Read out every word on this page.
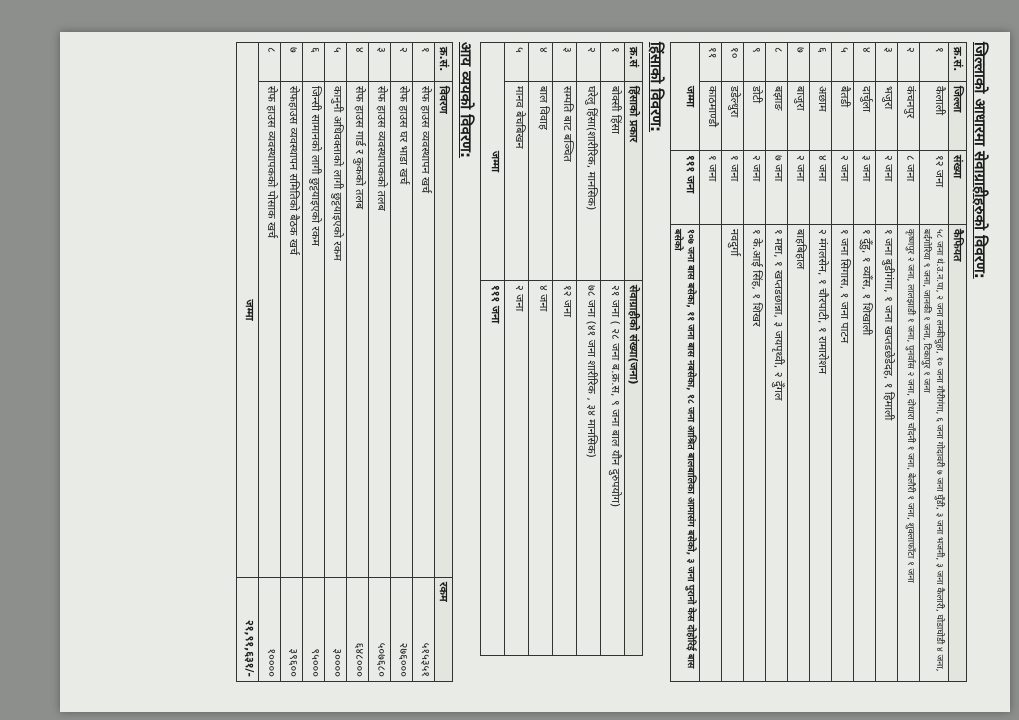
जिल्लाको आधारमा सेवाग्राहीहरुको विवरण:
क्र.सं.	जिल्ला	संख्या	कैफियत
१	कैलाली	१२ जना	५८ जना धं.उ.न.पा, २ जना लम्कीचुहा, १० जना गौरीगंगा, ६ जना गोदावरी ७ जना घुँडी, ३ जना भजनी, ३ जना कैलारी, घोडाघोडी ४ जना, बर्दगोरिया ९ जना, जानकी १ जना, टिकापुर १ जना
२	कंचनपुर	८ जना	कृष्णपुर २ जना, लालझाडी १ जना, पुनर्वास २ जना, दोधारा चाँदनी १ जना, बेलौरी १ जना, शुक्लाफाँटा १ जना
३	भजुरा	२ जना	१ जना बुडीगंगा, १ जना खप्तडछेडेदह, १ हिमाली
४	दार्चुला	३ जना	१ दुँहु, १ व्याँस, १ शिखाली
५	बैतडी	२ जना	१ जना सिगास, १ जना पाटन
६	अछाम	४ जना	२ मंगलसेन, १ चौरपाटी, १ रामारोशन
७	बाजुरा	२ जना	बाहबिहाल
८	बझाङ	७ जना	१ मष्टा, १ खप्तडछान्ना, ३ जयपृथ्वी, २ दुँगल
९	डोटी	२ जना	१ के.आई सिंह, १ शिखर
१०	डडेल्धुरा	१ जना	नवदुर्गा
११	काठमाण्डौ	१ जना	
जम्मा		१११ जना	१०७ जना बास बसेका, ११ जना बास नबसेका, १८ जना आश्रित बालबालिका आमासंग बसेको, ३ जना पुरानो केस दोहोरिई बास बसेको
हिंसाको विवरण:
क्र.सं	हिंसाको प्रकार	सेवाग्राहीको संख्या(जना)
१	बोक्सी हिंसा	२१ जना ( २८ जना ब.क्र.स, ९ जना बाल यौन दुरुपयोग)
२	घरेलु हिंसा(शारीरिक, मानसिक)	७८ जना (४१ जना शारीरिक , ३४ मानसिक)
३	सम्पति बाट बञ्चित	१२ जना
४	बाल विवाह	४ जना
५	मानव बेचबिखन	२ जना
जम्मा		१११ जना
आय व्ययको विवरण:
क्र.सं.	विवरण	रकम
१	सेफ हाउस व्यवस्थापन खर्च	५१५३५१
२	सेफ हाउस घर भाडा खर्च	२७६०००
३	सेफ हाउस व्यवस्थापकको तलब	५०७६८०
४	सेफ हाउस गार्ड र कुकको तलब	६४८०००
५	कानुनी अधिवक्ताको लागी छुट्टयाइएको रकम	३००००
६	जिन्सी सामानको लागी छुट्टयाइएको रकम	९५०००
७	सेफहाउस व्यवस्थापन समितिको बैठक खर्च	३९६००
८	सेफ हाउस व्यवस्थापकको पोसाक खर्च	१००००
जम्मा		२१,९१,६३१/-
